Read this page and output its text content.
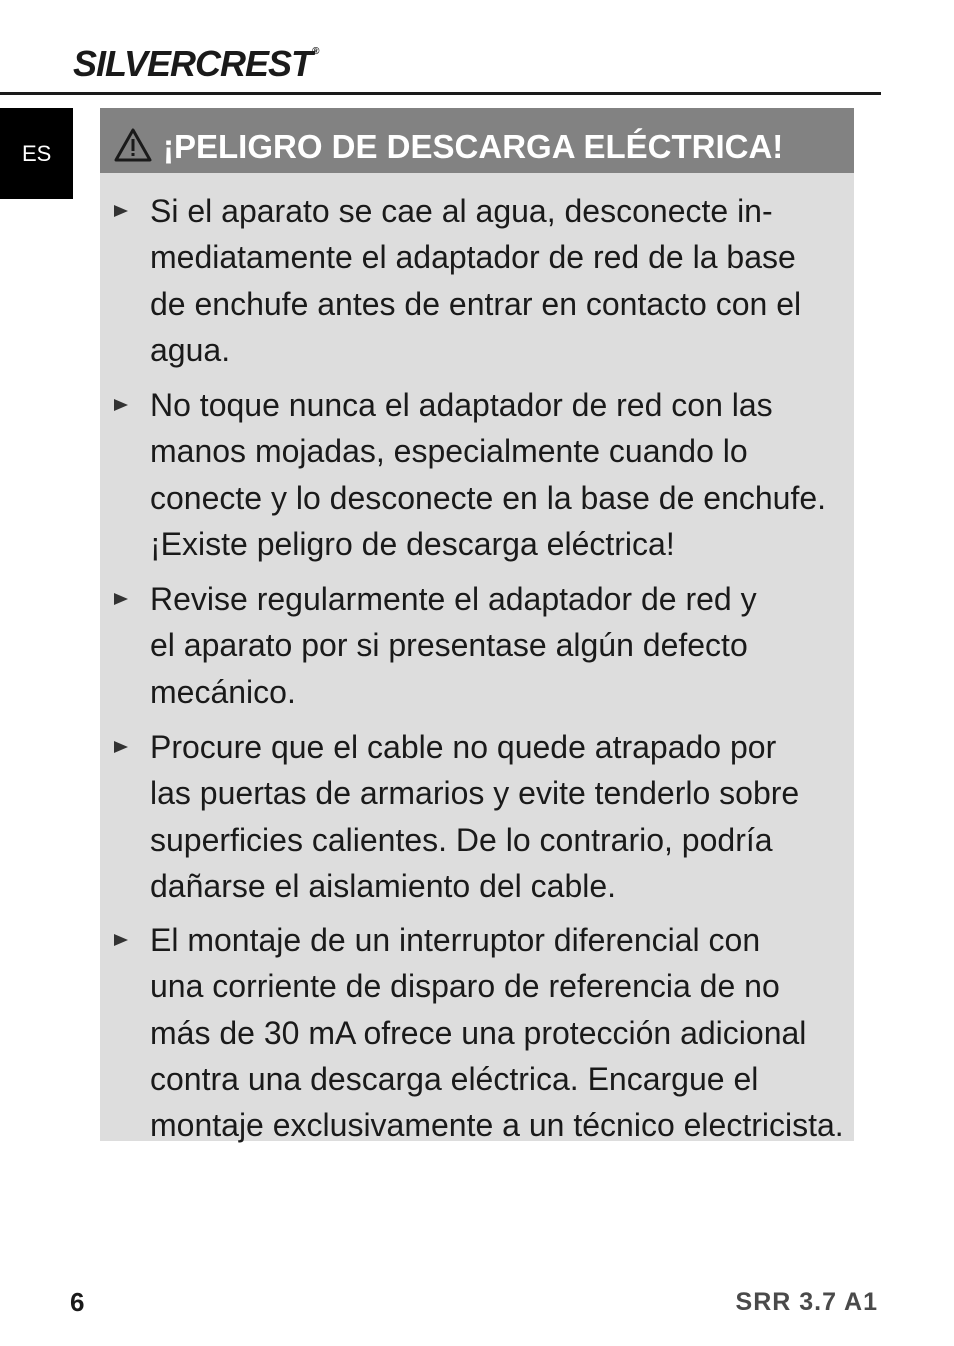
SILVERCREST®
ES	¡PELIGRO DE DESCARGA ELÉCTRICA!
Si el aparato se cae al agua, desconecte in-
mediatamente el adaptador de red de la base
de enchufe antes de entrar en contacto con el
agua.
No toque nunca el adaptador de red con las
manos mojadas, especialmente cuando lo
conecte y lo desconecte en la base de enchufe.
¡Existe peligro de descarga eléctrica!
Revise regularmente el adaptador de red y
el aparato por si presentase algún defecto
mecánico.
Procure que el cable no quede atrapado por
las puertas de armarios y evite tenderlo sobre
superficies calientes. De lo contrario, podría
dañarse el aislamiento del cable.
El montaje de un interruptor diferencial con
una corriente de disparo de referencia de no
más de 30 mA ofrece una protección adicional
contra una descarga eléctrica. Encargue el
montaje exclusivamente a un técnico electricista.
6	SRR 3.7 A1
